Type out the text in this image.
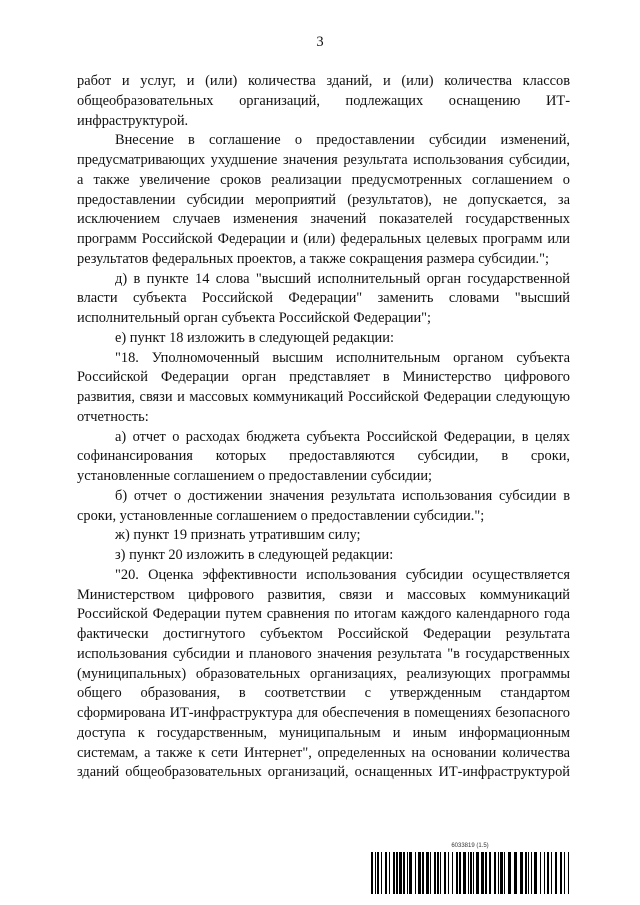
3

работ и услуг, и (или) количества зданий, и (или) количества классов общеобразовательных организаций, подлежащих оснащению ИТ-инфраструктурой.

Внесение в соглашение о предоставлении субсидии изменений, предусматривающих ухудшение значения результата использования субсидии, а также увеличение сроков реализации предусмотренных соглашением о предоставлении субсидии мероприятий (результатов), не допускается, за исключением случаев изменения значений показателей государственных программ Российской Федерации и (или) федеральных целевых программ или результатов федеральных проектов, а также сокращения размера субсидии.";

д) в пункте 14 слова "высший исполнительный орган государственной власти субъекта Российской Федерации" заменить словами "высший исполнительный орган субъекта Российской Федерации";

е) пункт 18 изложить в следующей редакции:

"18. Уполномоченный высшим исполнительным органом субъекта Российской Федерации орган представляет в Министерство цифрового развития, связи и массовых коммуникаций Российской Федерации следующую отчетность:

а) отчет о расходах бюджета субъекта Российской Федерации, в целях софинансирования которых предоставляются субсидии, в сроки, установленные соглашением о предоставлении субсидии;

б) отчет о достижении значения результата использования субсидии в сроки, установленные соглашением о предоставлении субсидии.";

ж) пункт 19 признать утратившим силу;

з) пункт 20 изложить в следующей редакции:

"20. Оценка эффективности использования субсидии осуществляется Министерством цифрового развития, связи и массовых коммуникаций Российской Федерации путем сравнения по итогам каждого календарного года фактически достигнутого субъектом Российской Федерации результата использования субсидии и планового значения результата "в государственных (муниципальных) образовательных организациях, реализующих программы общего образования, в соответствии с утвержденным стандартом сформирована ИТ-инфраструктура для обеспечения в помещениях безопасного доступа к государственным, муниципальным и иным информационным системам, а также к сети Интернет", определенных на основании количества зданий общеобразовательных организаций, оснащенных ИТ-инфраструктурой

6033819 (1.5)
